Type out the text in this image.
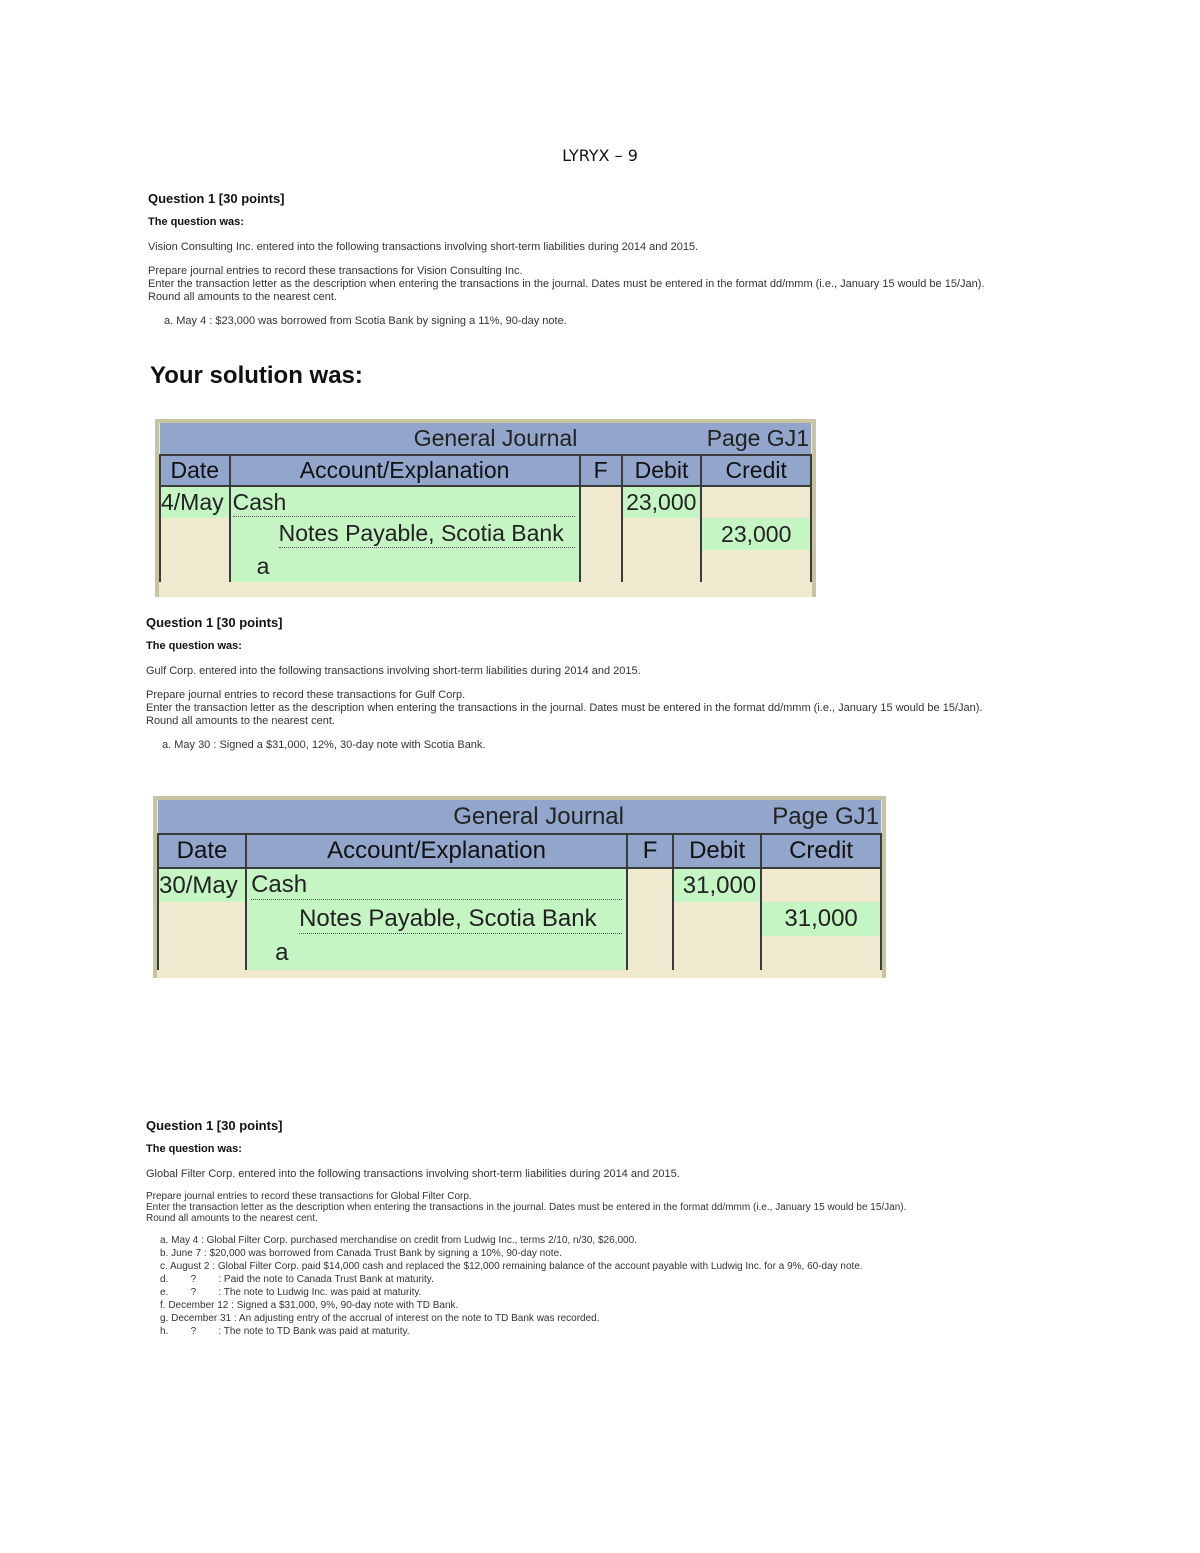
LYRYX – 9
Question 1 [30 points]
The question was:
Vision Consulting Inc. entered into the following transactions involving short-term liabilities during 2014 and 2015.
Prepare journal entries to record these transactions for Vision Consulting Inc.
Enter the transaction letter as the description when entering the transactions in the journal. Dates must be entered in the format dd/mmm (i.e., January 15 would be 15/Jan).
Round all amounts to the nearest cent.
a. May 4 : $23,000 was borrowed from Scotia Bank by signing a 11%, 90-day note.
Your solution was:
	General Journal			Page GJ1
Date	Account/Explanation	F	Debit	Credit
4/May	Cash		23,000	

	Notes Payable, Scotia Bank			23,000
	a			
Question 1 [30 points]
The question was:
Gulf Corp. entered into the following transactions involving short-term liabilities during 2014 and 2015.
Prepare journal entries to record these transactions for Gulf Corp.
Enter the transaction letter as the description when entering the transactions in the journal. Dates must be entered in the format dd/mmm (i.e., January 15 would be 15/Jan).
Round all amounts to the nearest cent.
a. May 30 : Signed a $31,000, 12%, 30-day note with Scotia Bank.
	General Journal			Page GJ1
Date	Account/Explanation	F	Debit	Credit
30/May	Cash		31,000	

	Notes Payable, Scotia Bank			31,000
	a			
Question 1 [30 points]
The question was:
Global Filter Corp. entered into the following transactions involving short-term liabilities during 2014 and 2015.
Prepare journal entries to record these transactions for Global Filter Corp.
Enter the transaction letter as the description when entering the transactions in the journal. Dates must be entered in the format dd/mmm (i.e., January 15 would be 15/Jan).
Round all amounts to the nearest cent.
a. May 4 : Global Filter Corp. purchased merchandise on credit from Ludwig Inc., terms 2/10, n/30, $26,000.
b. June 7 : $20,000 was borrowed from Canada Trust Bank by signing a 10%, 90-day note.
c. August 2 : Global Filter Corp. paid $14,000 cash and replaced the $12,000 remaining balance of the account payable with Ludwig Inc. for a 9%, 60-day note.
d.        ?        : Paid the note to Canada Trust Bank at maturity.
e.        ?        : The note to Ludwig Inc. was paid at maturity.
f. December 12 : Signed a $31,000, 9%, 90-day note with TD Bank.
g. December 31 : An adjusting entry of the accrual of interest on the note to TD Bank was recorded.
h.        ?        : The note to TD Bank was paid at maturity.
